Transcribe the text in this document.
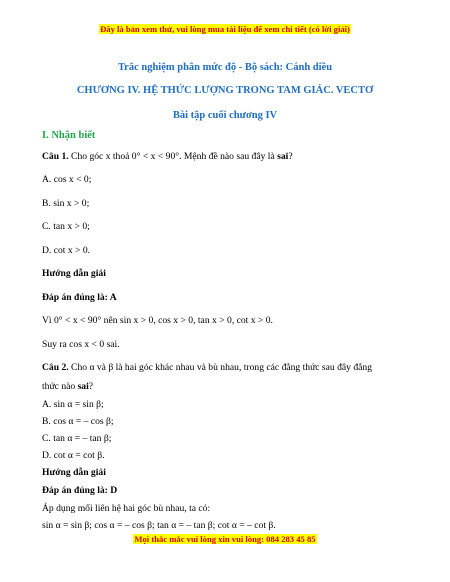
Đây là bản xem thử, vui lòng mua tài liệu để xem chi tiết (có lời giải)
Trắc nghiệm phân mức độ - Bộ sách: Cánh diều
CHƯƠNG IV. HỆ THỨC LƯỢNG TRONG TAM GIÁC. VECTƠ
Bài tập cuối chương IV
I. Nhận biết
Câu 1. Cho góc x thoả 0° < x < 90°. Mệnh đề nào sau đây là sai?
A. cos x < 0;
B. sin x > 0;
C. tan x > 0;
D. cot x > 0.
Hướng dẫn giải
Đáp án đúng là: A
Vì 0° < x < 90° nên sin x > 0, cos x > 0, tan x > 0, cot x > 0.
Suy ra cos x < 0 sai.
Câu 2. Cho α và β là hai góc khác nhau và bù nhau, trong các đẳng thức sau đây đẳng
thức nào sai?
A. sin α = sin β;
B. cos α = – cos β;
C. tan α = – tan β;
D. cot α = cot β.
Hướng dẫn giải
Đáp án đúng là: D
Áp dụng mối liên hệ hai góc bù nhau, ta có:
sin α = sin β; cos α = – cos β; tan α = – tan β; cot α = – cot β.
Mọi thắc mắc vui lòng xin vui lòng: 084 283 45 85
